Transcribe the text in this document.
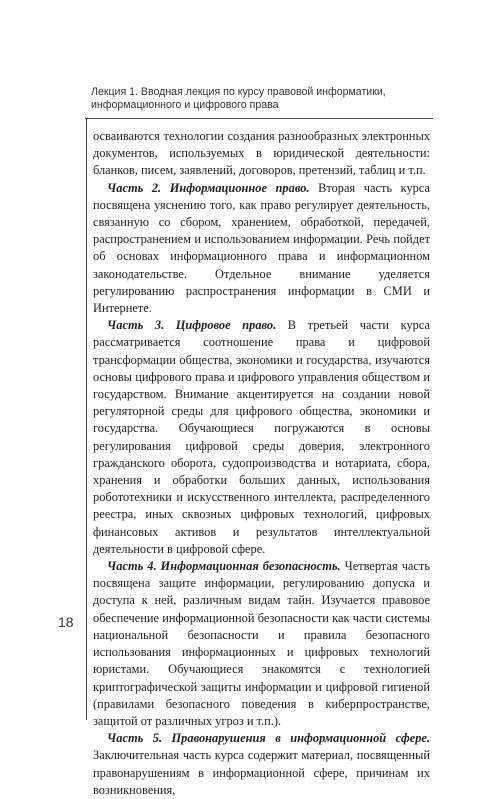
Лекция 1. Вводная лекция по курсу правовой информатики, информационного и цифрового права

осваиваются технологии создания разнообразных электронных документов, используемых в юридической деятельности: бланков, писем, заявлений, договоров, претензий, таблиц и т.п.

Часть 2. Информационное право. Вторая часть курса посвящена уяснению того, как право регулирует деятельность, связанную со сбором, хранением, обработкой, передачей, распространением и использованием информации. Речь пойдет об основах информационного права и информационном законодательстве. Отдельное внимание уделяется регулированию распространения информации в СМИ и Интернете.

Часть 3. Цифровое право. В третьей части курса рассматривается соотношение права и цифровой трансформации общества, экономики и государства, изучаются основы цифрового права и цифрового управления обществом и государством. Внимание акцентируется на создании новой регуляторной среды для цифрового общества, экономики и государства. Обучающиеся погружаются в основы регулирования цифровой среды доверия, электронного гражданского оборота, судопроизводства и нотариата, сбора, хранения и обработки больших данных, использования робототехники и искусственного интеллекта, распределенного реестра, иных сквозных цифровых технологий, цифровых финансовых активов и результатов интеллектуальной деятельности в цифровой сфере.

Часть 4. Информационная безопасность. Четвертая часть посвящена защите информации, регулированию допуска и доступа к ней, различным видам тайн. Изучается правовое обеспечение информационной безопасности как части системы национальной безопасности и правила безопасного использования информационных и цифровых технологий юристами. Обучающиеся знакомятся с технологией криптографической защиты информации и цифровой гигиеной (правилами безопасного поведения в киберпространстве, защитой от различных угроз и т.п.).

Часть 5. Правонарушения в информационной сфере. Заключительная часть курса содержит материал, посвященный правонарушениям в информационной сфере, причинам их возникновения,

18
